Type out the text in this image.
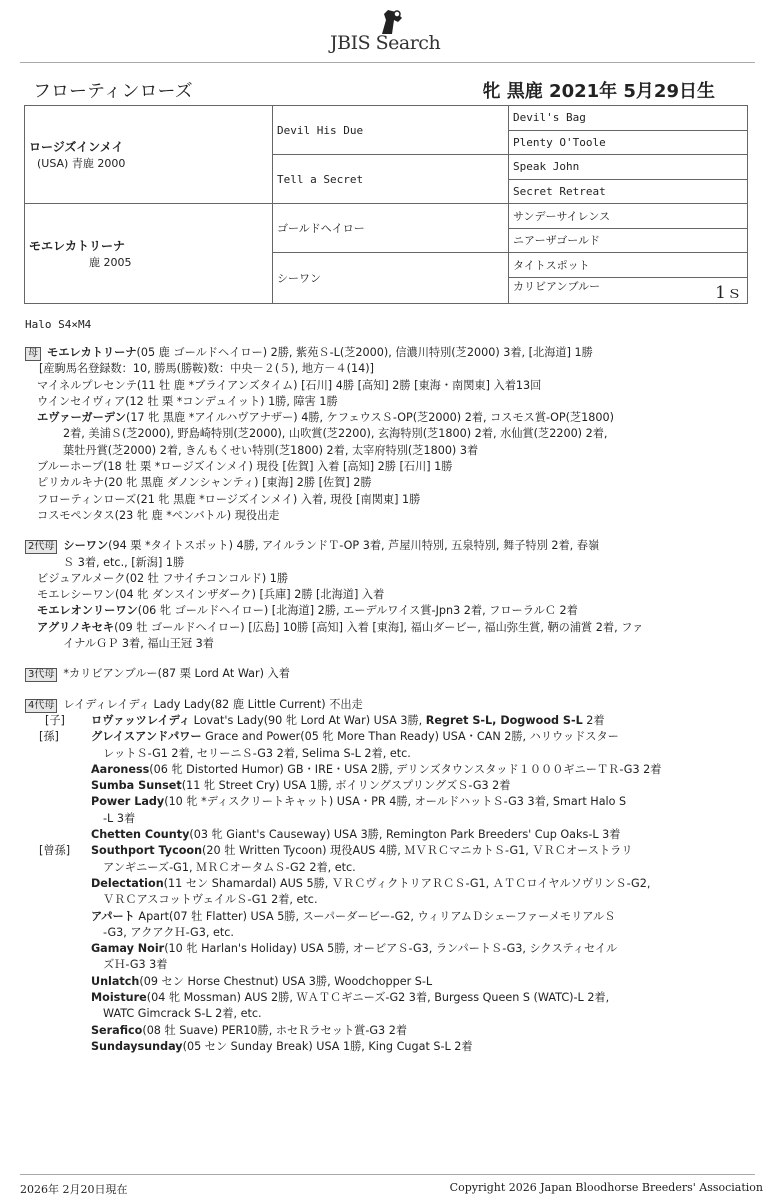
JBIS Search
フローティンローズ	牝 黒鹿 2021年 5月29日生
ロージズインメイ
(USA) 青鹿 2000	Devil His Due	Devil's Bag
		Plenty O'Toole
	Tell a Secret	Speak John
		Secret Retreat

モエレカトリーナ
鹿 2005	ゴールドヘイロー	サンデーサイレンス
		ニアーザゴールド
	シーワン	タイトスポット
		カリビアンブルー 1ｓ
Halo S4×M4
母 モエレカトリーナ(05 鹿 ゴールドヘイロー) 2勝, 紫苑Ｓ-L(芝2000), 信濃川特別(芝2000) 3着, [北海道] 1勝
[産駒馬名登録数：10, 勝馬(勝鞍)数：中央－２(５), 地方－４(14)]
マイネルプレセンテ(11 牡 鹿 *ブライアンズタイム) [石川] 4勝 [高知] 2勝 [東海・南関東] 入着13回
ウインセイヴィア(12 牡 栗 *コンデュイット) 1勝, 障害 1勝
エヴァーガーデン(17 牝 黒鹿 *アイルハヴアナザー) 4勝, ケフェウスＳ-OP(芝2000) 2着, コスモス賞-OP(芝1800)
2着, 美浦Ｓ(芝2000), 野島崎特別(芝2000), 山吹賞(芝2200), 玄海特別(芝1800) 2着, 水仙賞(芝2200) 2着,
葉牡丹賞(芝2000) 2着, きんもくせい特別(芝1800) 2着, 太宰府特別(芝1800) 3着
ブルーホープ(18 牡 栗 *ロージズインメイ) 現役 [佐賀] 入着 [高知] 2勝 [石川] 1勝
ピリカルキナ(20 牝 黒鹿 ダノンシャンティ) [東海] 2勝 [佐賀] 2勝
フローティンローズ(21 牝 黒鹿 *ロージズインメイ) 入着, 現役 [南関東] 1勝
コスモペンタス(23 牝 鹿 *ペンバトル) 現役出走
2代母 シーワン(94 栗 *タイトスポット) 4勝, アイルランドＴ-OP 3着, 芦屋川特別, 五泉特別, 舞子特別 2着, 春嶺
Ｓ 3着, etc., [新潟] 1勝
ビジュアルメーク(02 牡 フサイチコンコルド) 1勝
モエレシーワン(04 牝 ダンスインザダーク) [兵庫] 2勝 [北海道] 入着
モエレオンリーワン(06 牝 ゴールドヘイロー) [北海道] 2勝, エーデルワイス賞-Jpn3 2着, フローラルＣ 2着
アグリノキセキ(09 牡 ゴールドヘイロー) [広島] 10勝 [高知] 入着 [東海], 福山ダービー, 福山弥生賞, 鞆の浦賞 2着, ファ
イナルＧＰ 3着, 福山王冠 3着
3代母 *カリビアンブルー(87 栗 Lord At War) 入着
4代母 レイディレイディ Lady Lady(82 鹿 Little Current) 不出走
[子] ロヴァッツレイディ Lovat's Lady(90 牝 Lord At War) USA 3勝, Regret S-L, Dogwood S-L 2着
[孫]	グレイスアンドパワー Grace and Power(05 牝 More Than Ready) USA・CAN 2勝, ハリウッドスター
レットＳ-G1 2着, セリーニＳ-G3 2着, Selima S-L 2着, etc.
Aaroness(06 牝 Distorted Humor) GB・IRE・USA 2勝, デリンズタウンスタッド１０００ギニーＴＲ-G3 2着
Sumba Sunset(11 牝 Street Cry) USA 1勝, ボイリングスプリングズＳ-G3 2着
Power Lady(10 牝 *ディスクリートキャット) USA・PR 4勝, オールドハットＳ-G3 3着, Smart Halo S
-L 3着
Chetten County(03 牝 Giant's Causeway) USA 3勝, Remington Park Breeders' Cup Oaks-L 3着
[曾孫] Southport Tycoon(20 牡 Written Tycoon) 現役AUS 4勝, ＭＶＲＣマニカトＳ-G1, ＶＲＣオーストラリ
アンギニーズ-G1, ＭＲＣオータムＳ-G2 2着, etc.
Delectation(11 セン Shamardal) AUS 5勝, ＶＲＣヴィクトリアＲＣＳ-G1, ＡＴＣロイヤルソヴリンＳ-G2,
ＶＲＣアスコットヴェイルＳ-G1 2着, etc.
アパート Apart(07 牡 Flatter) USA 5勝, スーパーダービー-G2, ウィリアムＤシェーファーメモリアルＳ
-G3, アクアクＨ-G3, etc.
Gamay Noir(10 牝 Harlan's Holiday) USA 5勝, オービアＳ-G3, ランパートＳ-G3, シクスティセイル
ズＨ-G3 3着
Unlatch(09 セン Horse Chestnut) USA 3勝, Woodchopper S-L
Moisture(04 牝 Mossman) AUS 2勝, ＷＡＴＣギニーズ-G2 3着, Burgess Queen S (WATC)-L 2着,
WATC Gimcrack S-L 2着, etc.
Serafico(08 牡 Suave) PER10勝, ホセＲラセット賞-G3 2着
Sundaysunday(05 セン Sunday Break) USA 1勝, King Cugat S-L 2着
2026年 2月20日現在	Copyright 2026 Japan Bloodhorse Breeders' Association
